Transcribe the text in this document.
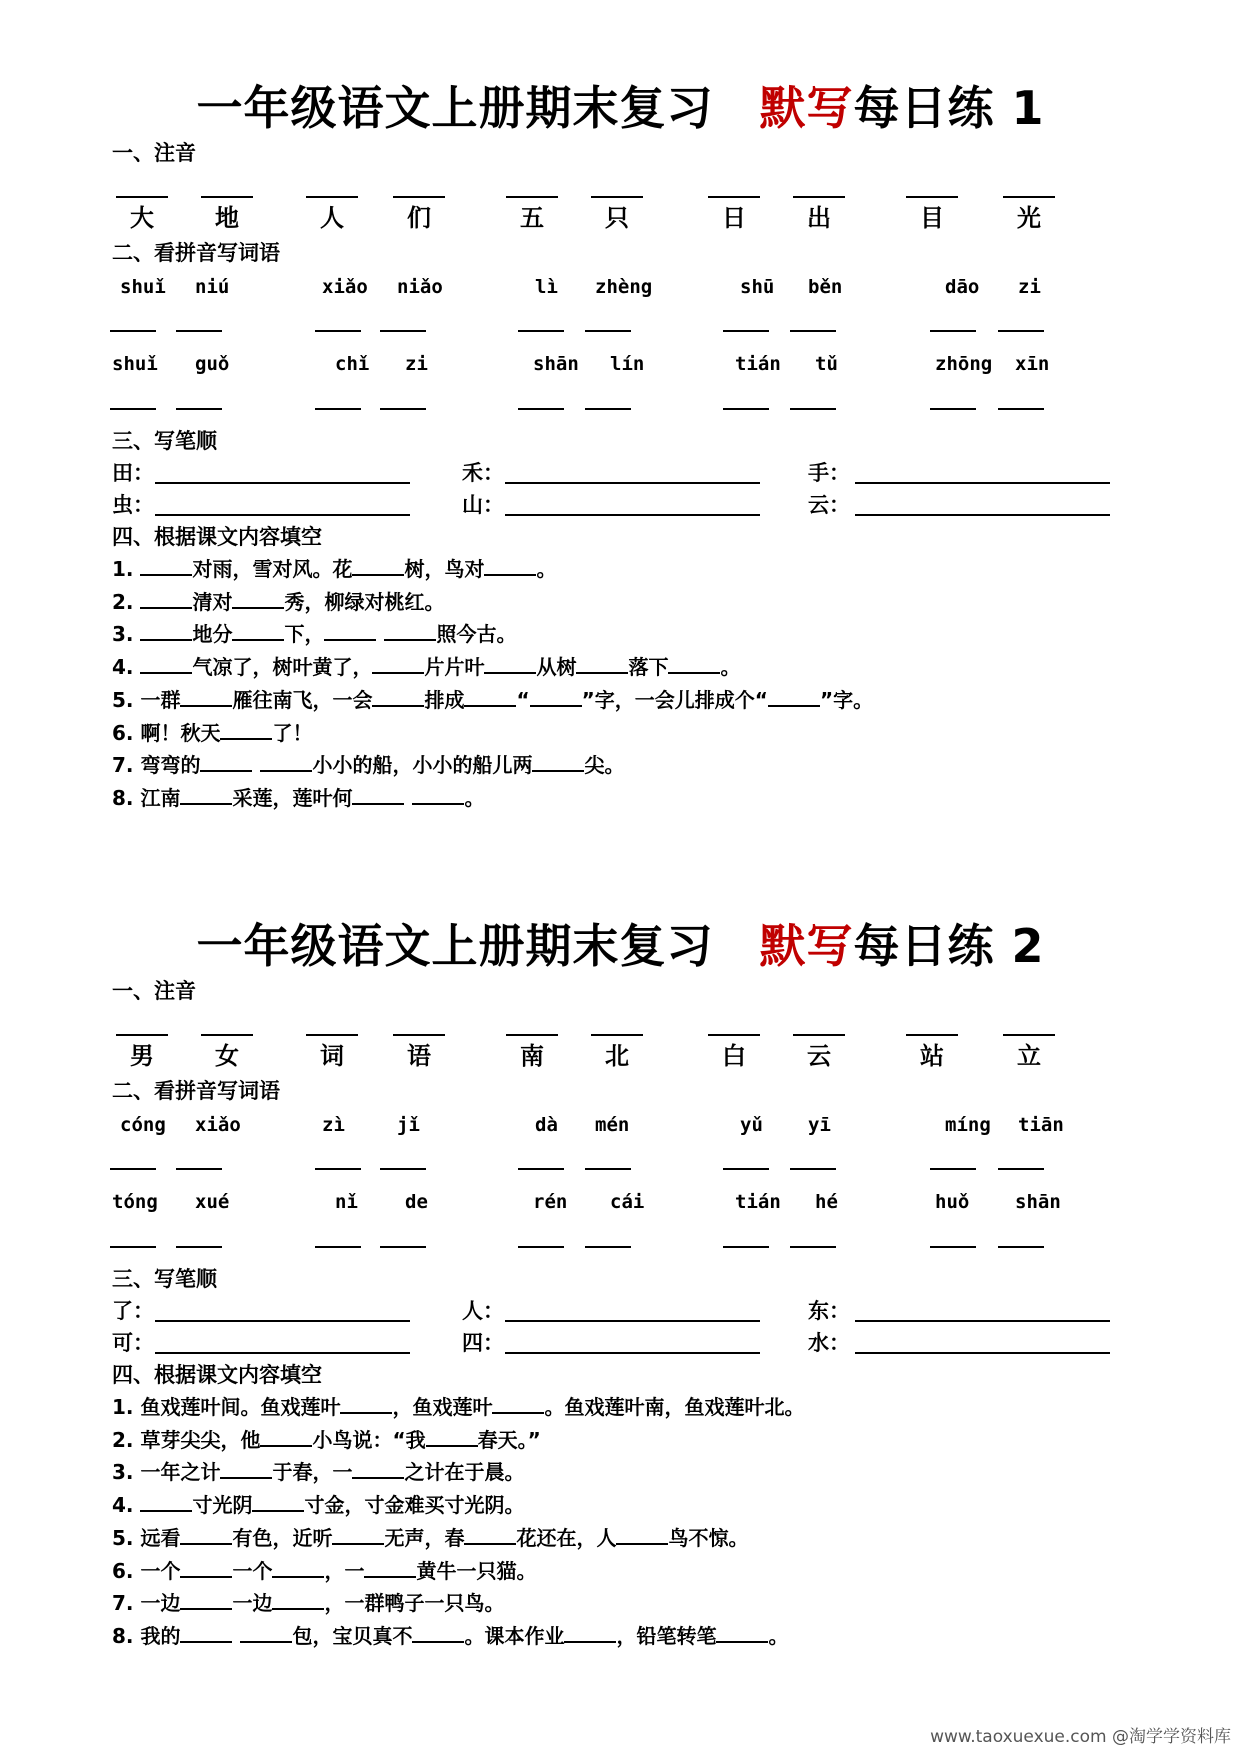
一年级语文上册期末复习 默写每日练 1
一、注音
大	地	人	们	五	只	日	出	目	光
二、看拼音写词语
shuǐ niú	xiǎo niǎo	lì zhèng	shū běn	dāo zi
shuǐ guǒ	chǐ zi	shān lín	tián tǔ	zhōng xīn
三、写笔顺
田：	禾：	手：
虫：	山：	云：
四、根据课文内容填空
1.	对雨，雪对风。花	树，鸟对	。
2.	清对	秀，柳绿对桃红。
3.	地分	下，	照今古。
4.	气凉了，树叶黄了，	片片叶	从树	落下	。
5. 一群	雁往南飞，一会	排成	“	”字，一会儿排成个“	”字。
6. 啊！秋天	了！
7. 弯弯的	小小的船，小小的船儿两	尖。
8. 江南	采莲，莲叶何	。
一年级语文上册期末复习 默写每日练 2
一、注音
男	女	词	语	南	北	白	云	站	立
二、看拼音写词语
cóng xiǎo	zì	jǐ	dà mén	yǔ yī	míng tiān
tóng xué	nǐ de	rén cái	tián hé	huǒ shān
三、写笔顺
了：	人：	东：
可：	四：	水：
四、根据课文内容填空
1. 鱼戏莲叶间。鱼戏莲叶	，鱼戏莲叶	。鱼戏莲叶南，鱼戏莲叶北。
2. 草芽尖尖，他	小鸟说：“我	春天。”
3. 一年之计	于春，一	之计在于晨。
4.	寸光阴	寸金，寸金难买寸光阴。
5. 远看	有色，近听	无声，春	花还在，人	鸟不惊。
6. 一个	一个	，一	黄牛一只猫。
7. 一边	一边	，一群鸭子一只鸟。
8. 我的	包，宝贝真不	。课本作业	，铅笔转笔	。
www.taoxuexue.com @淘学学资料库
